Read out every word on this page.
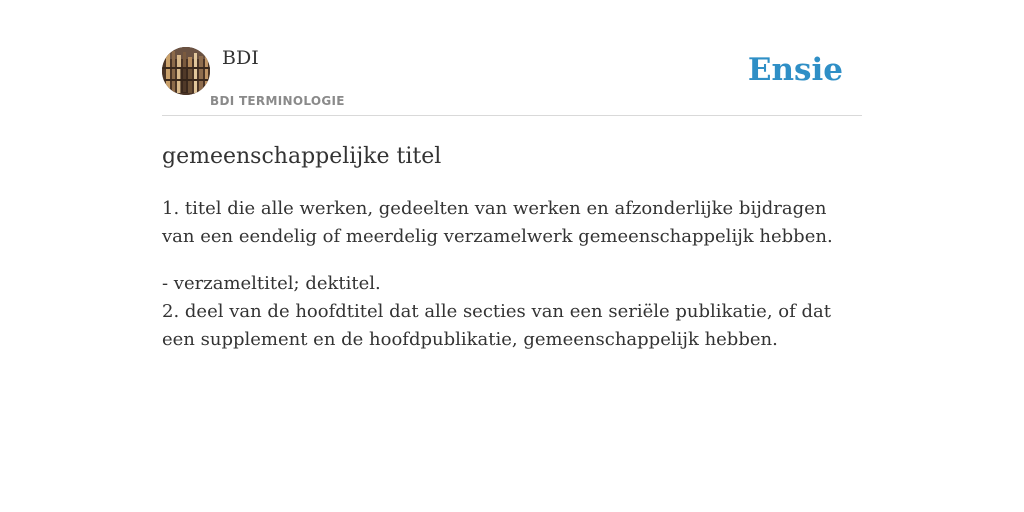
BDI
BDI TERMINOLOGIE
Ensie
gemeenschappelijke titel

1. titel die alle werken, gedeelten van werken en afzonderlijke bijdragen van een eendelig of meerdelig verzamelwerk gemeenschappelijk hebben.

- verzameltitel; dektitel.

2. deel van de hoofdtitel dat alle secties van een seriële publikatie, of dat een supplement en de hoofdpublikatie, gemeenschappelijk hebben.
